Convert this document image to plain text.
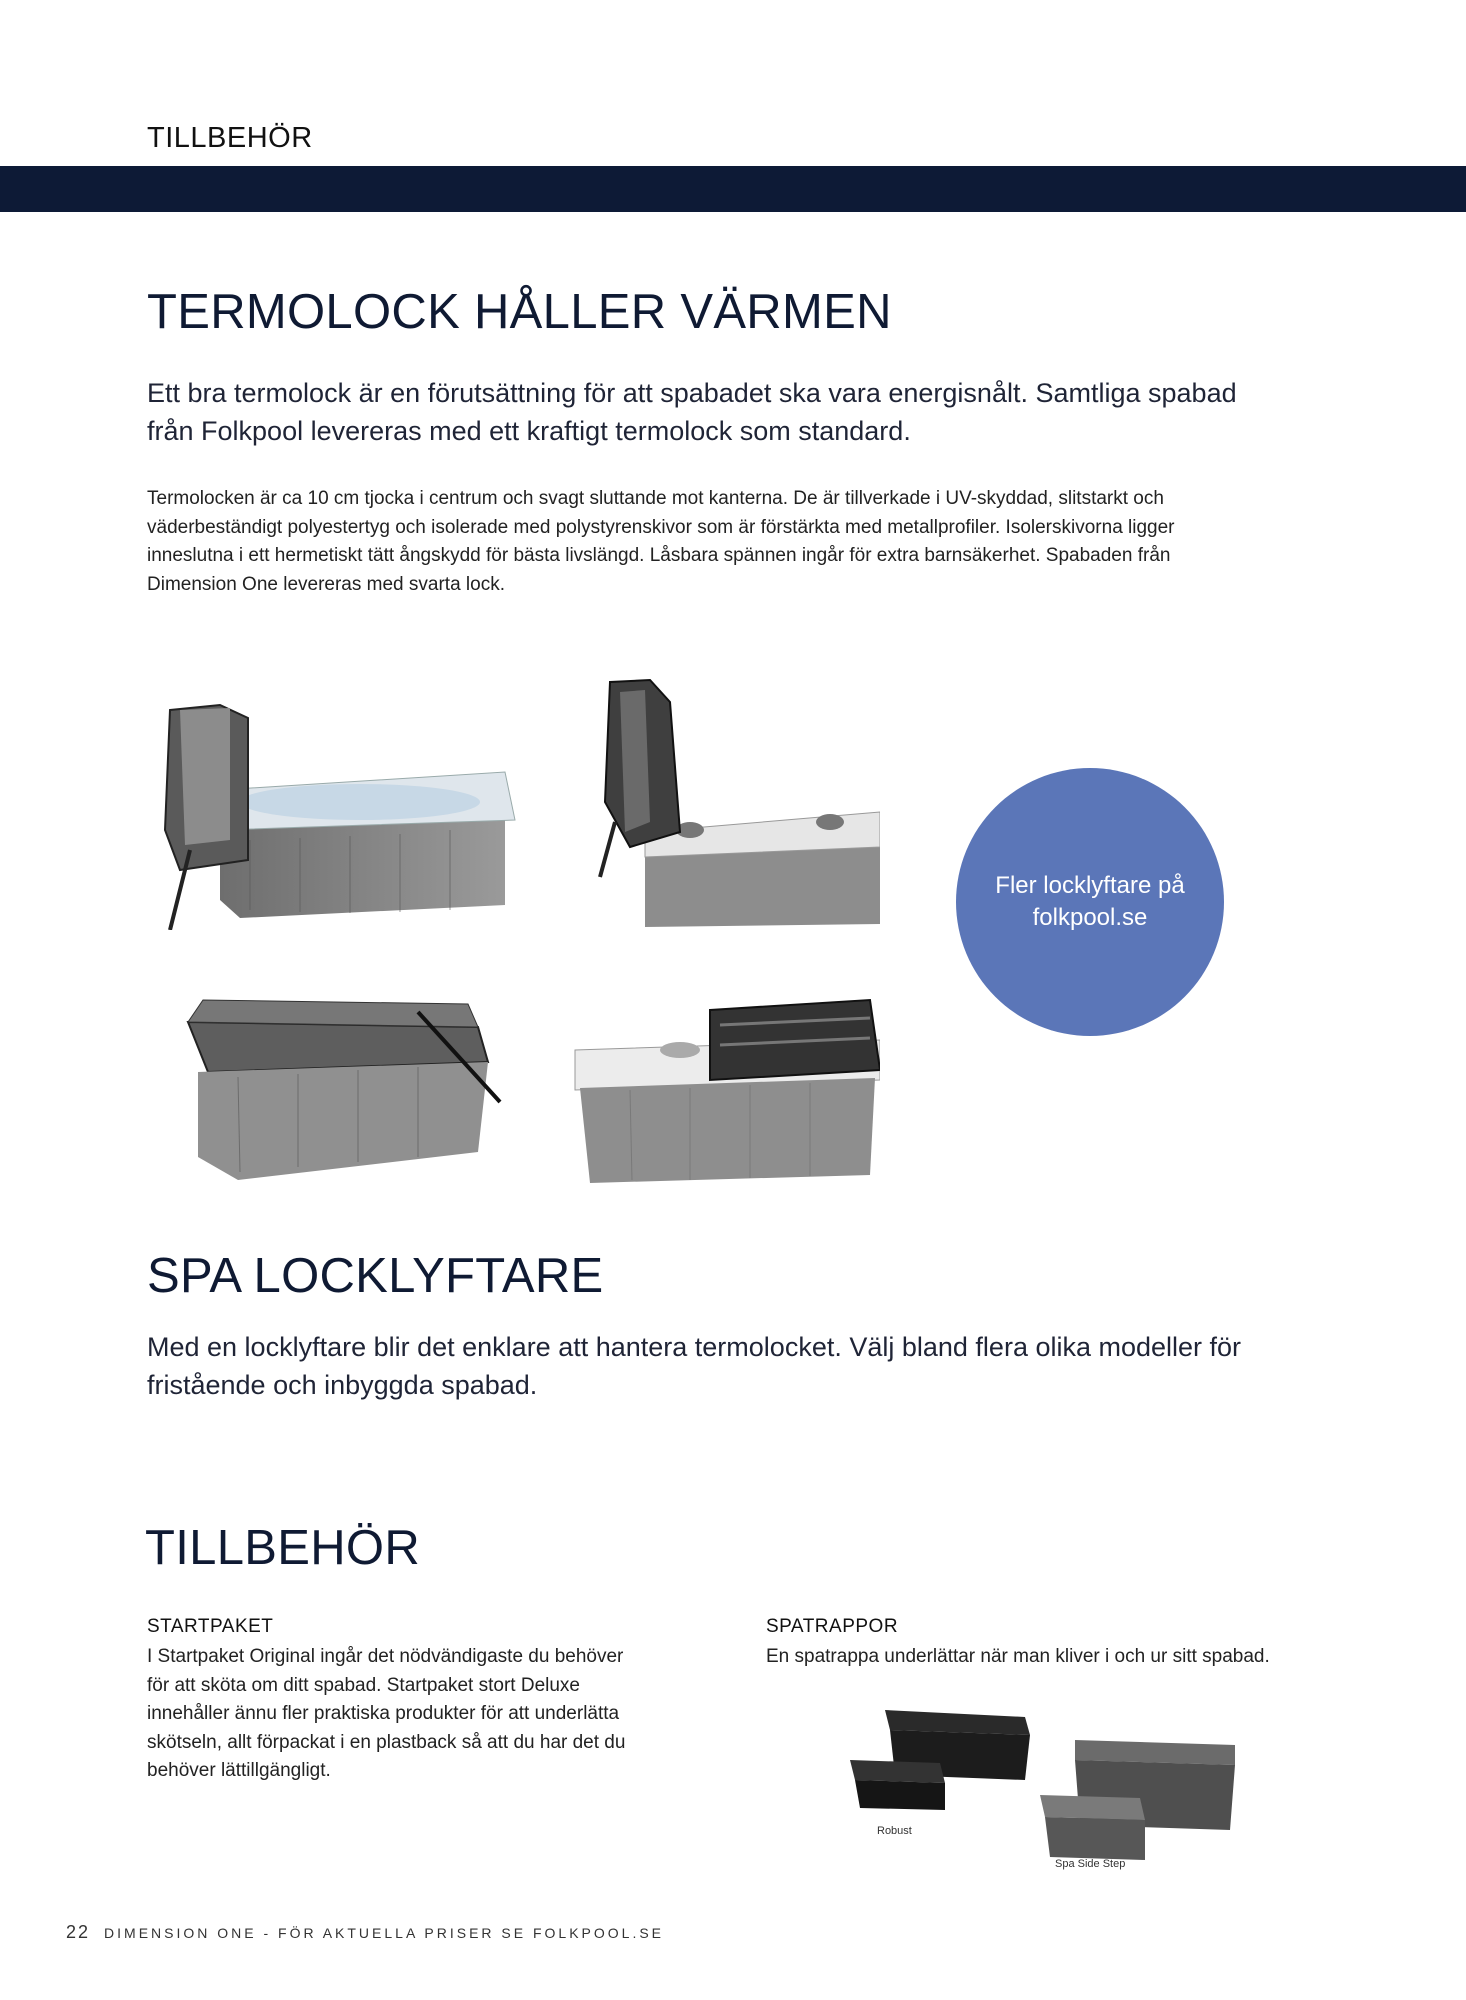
TILLBEHÖR
TERMOLOCK HÅLLER VÄRMEN

Ett bra termolock är en förutsättning för att spabadet ska vara energisnålt. Samtliga spabad från Folkpool levereras med ett kraftigt termolock som standard.

Termolocken är ca 10 cm tjocka i centrum och svagt sluttande mot kanterna. De är tillverkade i UV-skyddad, slitstarkt och väderbeständigt polyestertyg och isolerade med polystyrenskivor som är förstärkta med metallprofiler. Isolerskivorna ligger inneslutna i ett hermetiskt tätt ångskydd för bästa livslängd. Låsbara spännen ingår för extra barnsäkerhet. Spabaden från Dimension One levereras med svarta lock.

Fler locklyftare på folkpool.se
SPA LOCKLYFTARE

Med en locklyftare blir det enklare att hantera termolocket. Välj bland flera olika modeller för fristående och inbyggda spabad.

TILLBEHÖR

STARTPAKET

I Startpaket Original ingår det nödvändigaste du behöver för att sköta om ditt spabad. Startpaket stort Deluxe innehåller ännu fler praktiska produkter för att underlätta skötseln, allt förpackat i en plastback så att du har det du behöver lättillgängligt.

SPATRAPPOR

En spatrappa underlättar när man kliver i och ur sitt spabad.

Robust
Spa Side Step
22 DIMENSION ONE - FÖR AKTUELLA PRISER SE FOLKPOOL.SE
